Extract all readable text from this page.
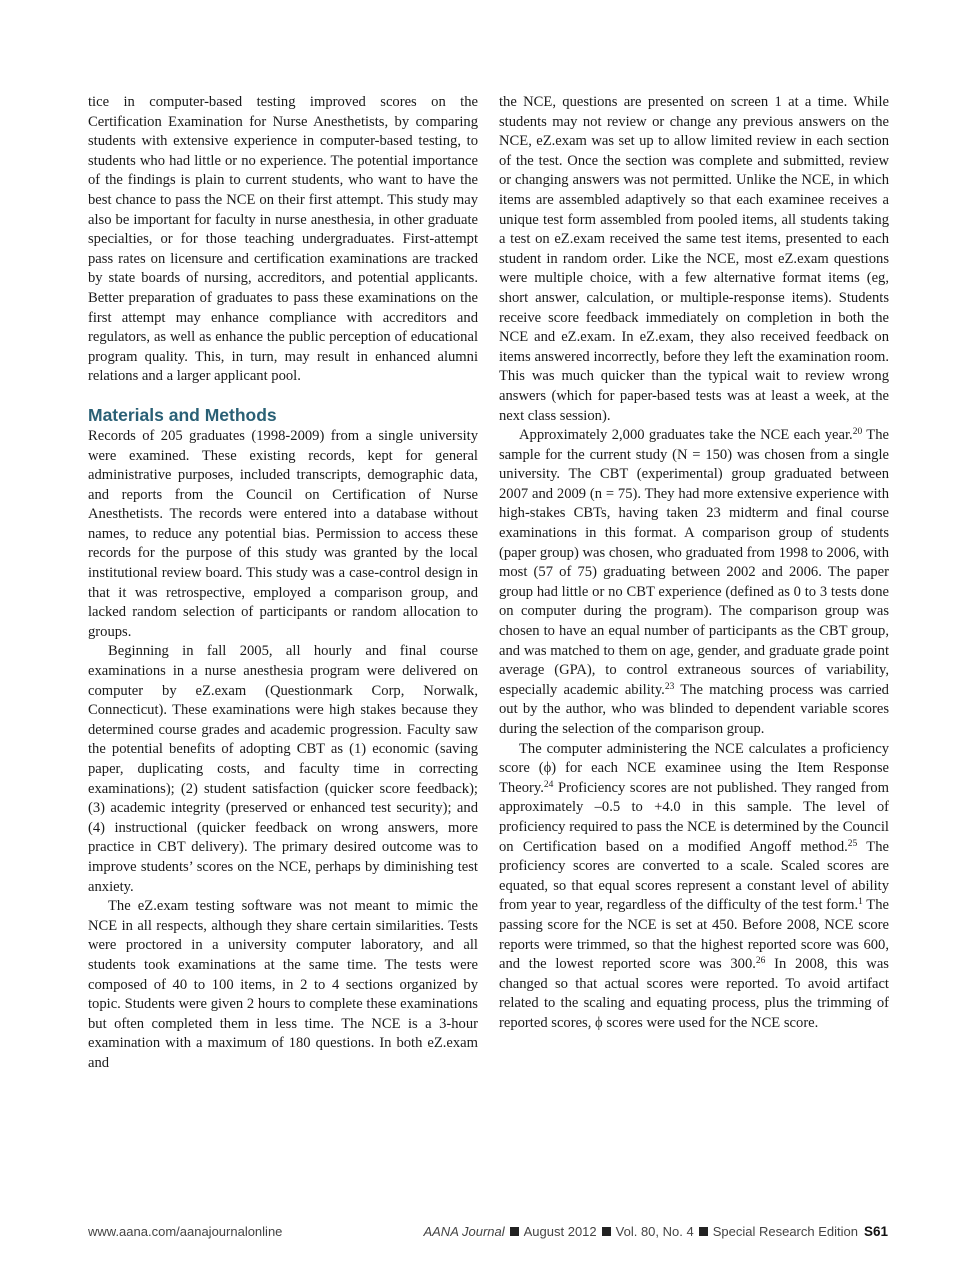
tice in computer-based testing improved scores on the Certification Examination for Nurse Anesthetists, by comparing students with extensive experience in computer-based testing, to students who had little or no experience. The potential importance of the findings is plain to current students, who want to have the best chance to pass the NCE on their first attempt. This study may also be important for faculty in nurse anesthesia, in other graduate specialties, or for those teaching undergraduates. First-attempt pass rates on licensure and certification examinations are tracked by state boards of nursing, accreditors, and potential applicants. Better preparation of graduates to pass these examinations on the first attempt may enhance compliance with accreditors and regulators, as well as enhance the public perception of educational program quality. This, in turn, may result in enhanced alumni relations and a larger applicant pool.

Materials and Methods

Records of 205 graduates (1998-2009) from a single university were examined. These existing records, kept for general administrative purposes, included transcripts, demographic data, and reports from the Council on Certification of Nurse Anesthetists. The records were entered into a database without names, to reduce any potential bias. Permission to access these records for the purpose of this study was granted by the local institutional review board. This study was a case-control design in that it was retrospective, employed a comparison group, and lacked random selection of participants or random allocation to groups.

Beginning in fall 2005, all hourly and final course examinations in a nurse anesthesia program were delivered on computer by eZ.exam (Questionmark Corp, Norwalk, Connecticut). These examinations were high stakes because they determined course grades and academic progression. Faculty saw the potential benefits of adopting CBT as (1) economic (saving paper, duplicating costs, and faculty time in correcting examinations); (2) student satisfaction (quicker score feedback); (3) academic integrity (preserved or enhanced test security); and (4) instructional (quicker feedback on wrong answers, more practice in CBT delivery). The primary desired outcome was to improve students’ scores on the NCE, perhaps by diminishing test anxiety.

The eZ.exam testing software was not meant to mimic the NCE in all respects, although they share certain similarities. Tests were proctored in a university computer laboratory, and all students took examinations at the same time. The tests were composed of 40 to 100 items, in 2 to 4 sections organized by topic. Students were given 2 hours to complete these examinations but often completed them in less time. The NCE is a 3-hour examination with a maximum of 180 questions. In both eZ.exam and

the NCE, questions are presented on screen 1 at a time. While students may not review or change any previous answers on the NCE, eZ.exam was set up to allow limited review in each section of the test. Once the section was complete and submitted, review or changing answers was not permitted. Unlike the NCE, in which items are assembled adaptively so that each examinee receives a unique test form assembled from pooled items, all students taking a test on eZ.exam received the same test items, presented to each student in random order. Like the NCE, most eZ.exam questions were multiple choice, with a few alternative format items (eg, short answer, calculation, or multiple-response items). Students receive score feedback immediately on completion in both the NCE and eZ.exam. In eZ.exam, they also received feedback on items answered incorrectly, before they left the examination room. This was much quicker than the typical wait to review wrong answers (which for paper-based tests was at least a week, at the next class session).

Approximately 2,000 graduates take the NCE each year.$^{20}$ The sample for the current study (N = 150) was chosen from a single university. The CBT (experimental) group graduated between 2007 and 2009 (n = 75). They had more extensive experience with high-stakes CBTs, having taken 23 midterm and final course examinations in this format. A comparison group of students (paper group) was chosen, who graduated from 1998 to 2006, with most (57 of 75) graduating between 2002 and 2006. The paper group had little or no CBT experience (defined as 0 to 3 tests done on computer during the program). The comparison group was chosen to have an equal number of participants as the CBT group, and was matched to them on age, gender, and graduate grade point average (GPA), to control extraneous sources of variability, especially academic ability.$^{23}$ The matching process was carried out by the author, who was blinded to dependent variable scores during the selection of the comparison group.

The computer administering the NCE calculates a proficiency score (ϕ) for each NCE examinee using the Item Response Theory.$^{24}$ Proficiency scores are not published. They ranged from approximately –0.5 to +4.0 in this sample. The level of proficiency required to pass the NCE is determined by the Council on Certification based on a modified Angoff method.$^{25}$ The proficiency scores are converted to a scale. Scaled scores are equated, so that equal scores represent a constant level of ability from year to year, regardless of the difficulty of the test form.$^1$ The passing score for the NCE is set at 450. Before 2008, NCE score reports were trimmed, so that the highest reported score was 600, and the lowest reported score was 300.26 In 2008, this was changed so that actual scores were reported. To avoid artifact related to the scaling and equating process, plus the trimming of reported scores, ϕ scores were used for the NCE score.

www.aana.com/aanajournalonline	AANA Journal August 2012 Vol. 80, No. 4 Special Research Edition S61
